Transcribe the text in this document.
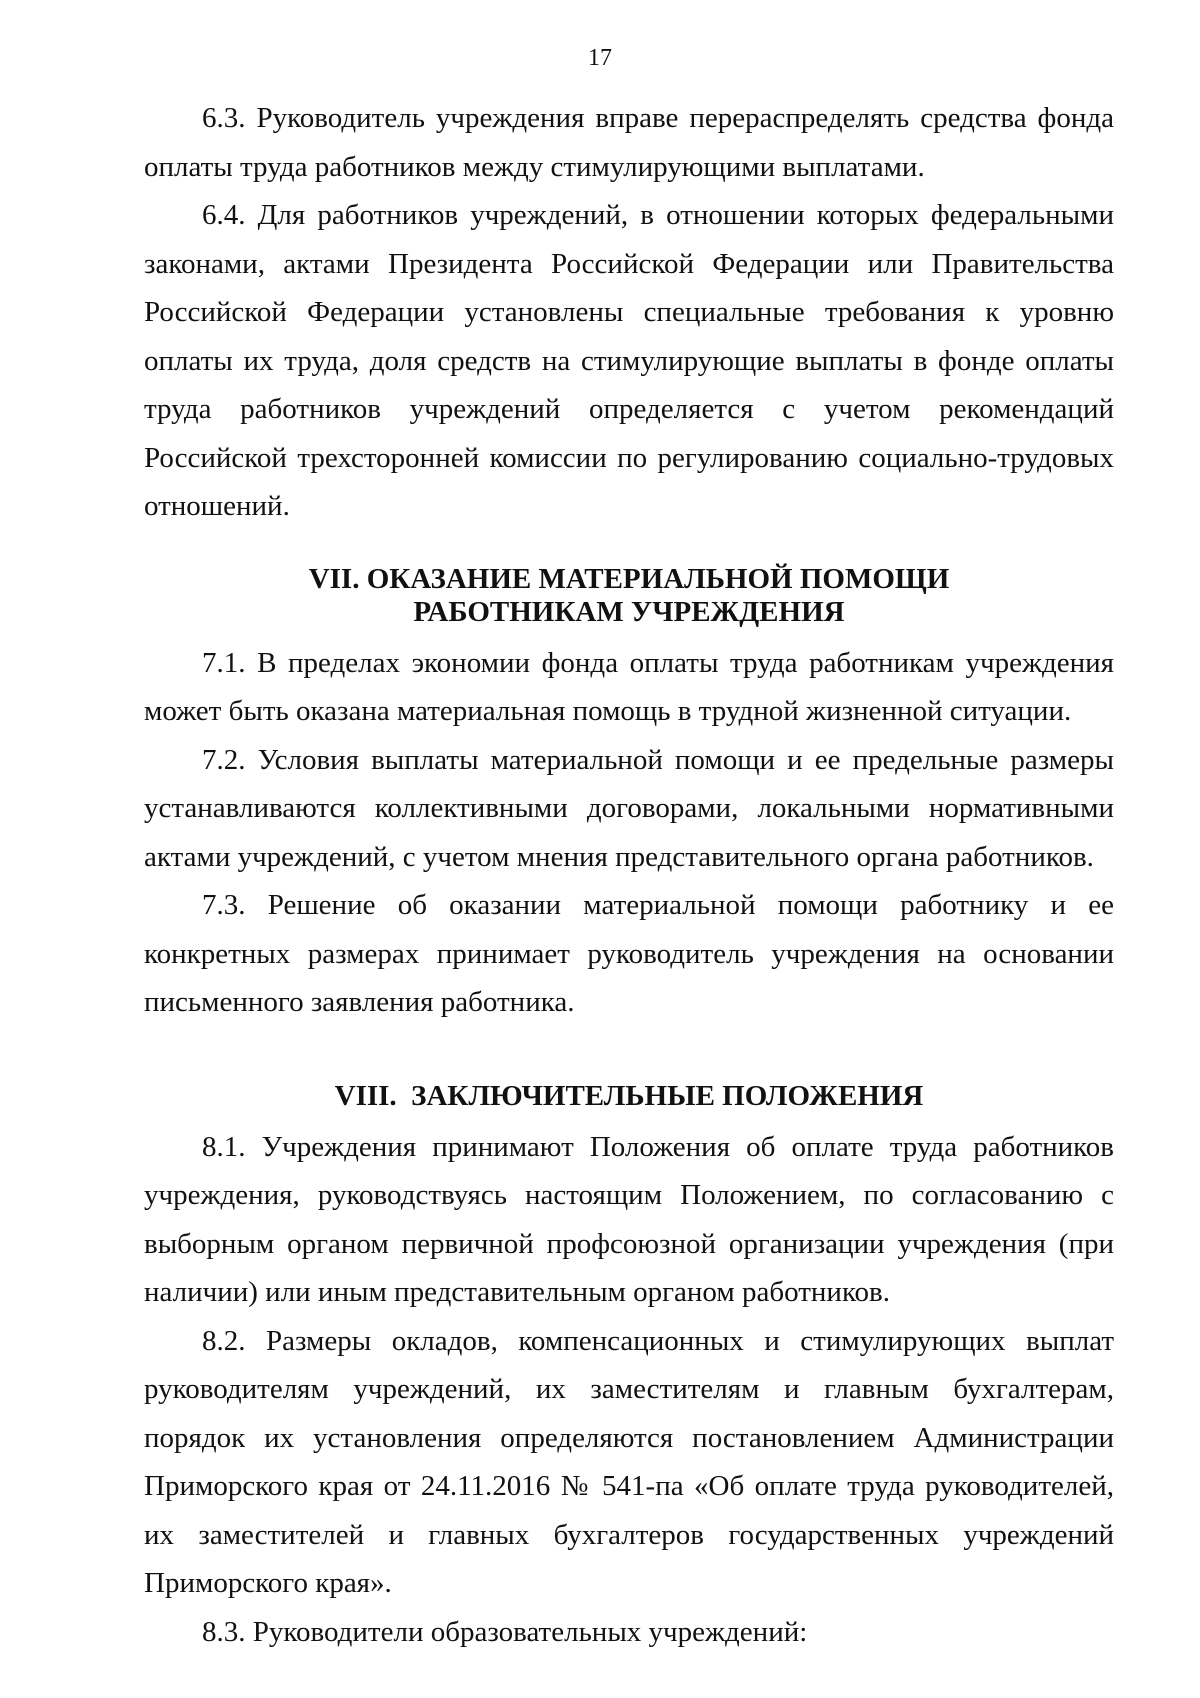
17

6.3. Руководитель учреждения вправе перераспределять средства фонда оплаты труда работников между стимулирующими выплатами.

6.4. Для работников учреждений, в отношении которых федеральными законами, актами Президента Российской Федерации или Правительства Российской Федерации установлены специальные требования к уровню оплаты их труда, доля средств на стимулирующие выплаты в фонде оплаты труда работников учреждений определяется с учетом рекомендаций Российской трехсторонней комиссии по регулированию социально-трудовых отношений.

VII. ОКАЗАНИЕ МАТЕРИАЛЬНОЙ ПОМОЩИ
РАБОТНИКАМ УЧРЕЖДЕНИЯ

7.1. В пределах экономии фонда оплаты труда работникам учреждения может быть оказана материальная помощь в трудной жизненной ситуации.

7.2. Условия выплаты материальной помощи и ее предельные размеры устанавливаются коллективными договорами, локальными нормативными актами учреждений, с учетом мнения представительного органа работников.

7.3. Решение об оказании материальной помощи работнику и ее конкретных размерах принимает руководитель учреждения на основании письменного заявления работника.

VIII.  ЗАКЛЮЧИТЕЛЬНЫЕ ПОЛОЖЕНИЯ

8.1. Учреждения принимают Положения об оплате труда работников учреждения, руководствуясь настоящим Положением, по согласованию с выборным органом первичной профсоюзной организации учреждения (при наличии) или иным представительным органом работников.

8.2. Размеры окладов, компенсационных и стимулирующих выплат руководителям учреждений, их заместителям и главным бухгалтерам, порядок их установления определяются постановлением Администрации Приморского края от 24.11.2016 № 541-па «Об оплате труда руководителей, их заместителей и главных бухгалтеров государственных учреждений Приморского края».

8.3. Руководители образовательных учреждений:
